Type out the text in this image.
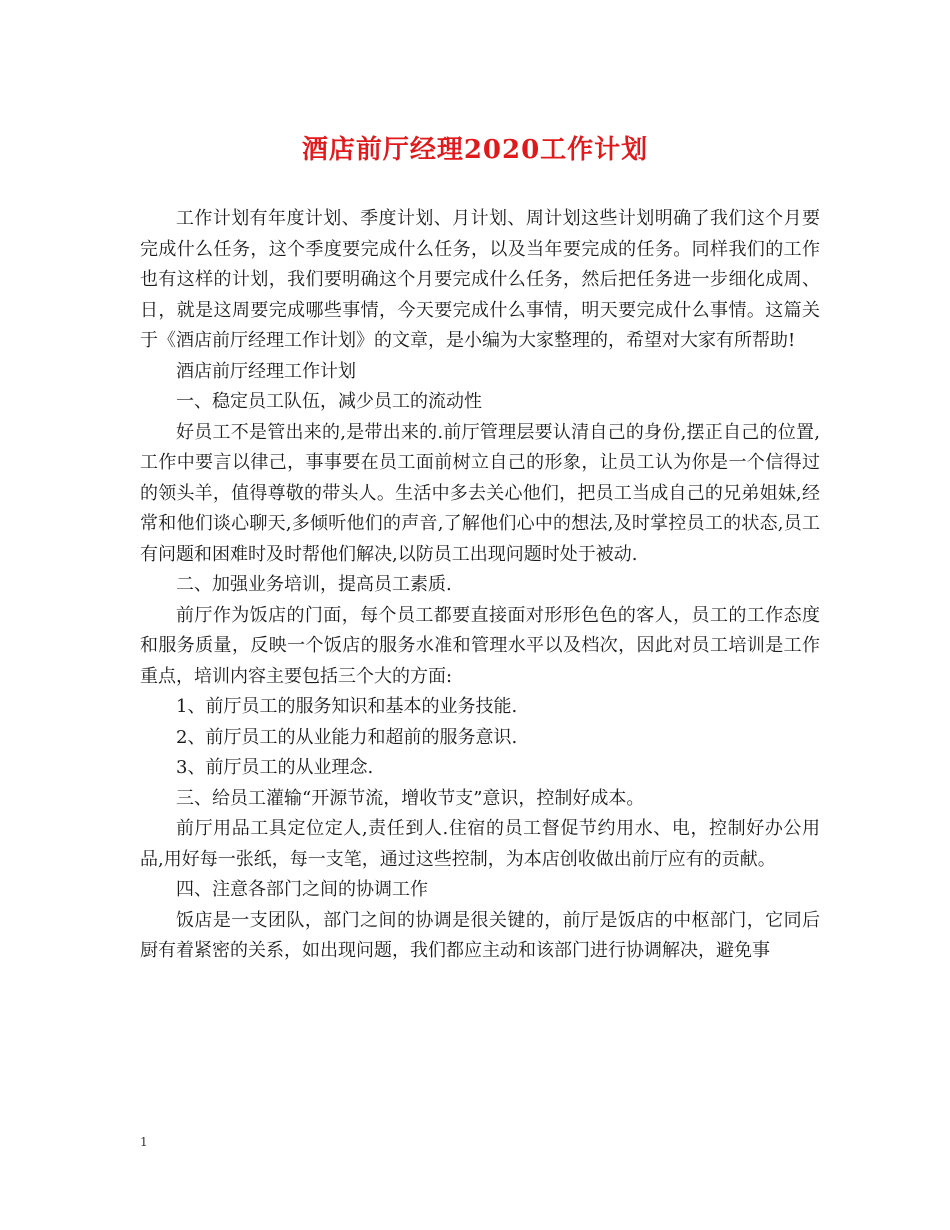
酒店前厅经理2020工作计划

工作计划有年度计划、季度计划、月计划、周计划这些计划明确了我们这个月要完成什么任务，这个季度要完成什么任务，以及当年要完成的任务。同样我们的工作也有这样的计划，我们要明确这个月要完成什么任务，然后把任务进一步细化成周、日，就是这周要完成哪些事情，今天要完成什么事情，明天要完成什么事情。这篇关于《酒店前厅经理工作计划》的文章，是小编为大家整理的，希望对大家有所帮助!

酒店前厅经理工作计划

一、稳定员工队伍，减少员工的流动性

好员工不是管出来的,是带出来的.前厅管理层要认清自己的身份,摆正自己的位置,工作中要言以律己，事事要在员工面前树立自己的形象，让员工认为你是一个信得过的领头羊，值得尊敬的带头人。生活中多去关心他们，把员工当成自己的兄弟姐妹,经常和他们谈心聊天,多倾听他们的声音,了解他们心中的想法,及时掌控员工的状态,员工有问题和困难时及时帮他们解决,以防员工出现问题时处于被动.

二、加强业务培训，提高员工素质.

前厅作为饭店的门面，每个员工都要直接面对形形色色的客人，员工的工作态度和服务质量，反映一个饭店的服务水准和管理水平以及档次，因此对员工培训是工作重点，培训内容主要包括三个大的方面:

1、前厅员工的服务知识和基本的业务技能.

2、前厅员工的从业能力和超前的服务意识.

3、前厅员工的从业理念.

三、给员工灌输“开源节流，增收节支”意识，控制好成本。

前厅用品工具定位定人,责任到人.住宿的员工督促节约用水、电，控制好办公用品,用好每一张纸，每一支笔，通过这些控制，为本店创收做出前厅应有的贡献。

四、注意各部门之间的协调工作

饭店是一支团队，部门之间的协调是很关键的，前厅是饭店的中枢部门，它同后厨有着紧密的关系，如出现问题，我们都应主动和该部门进行协调解决，避免事

1
